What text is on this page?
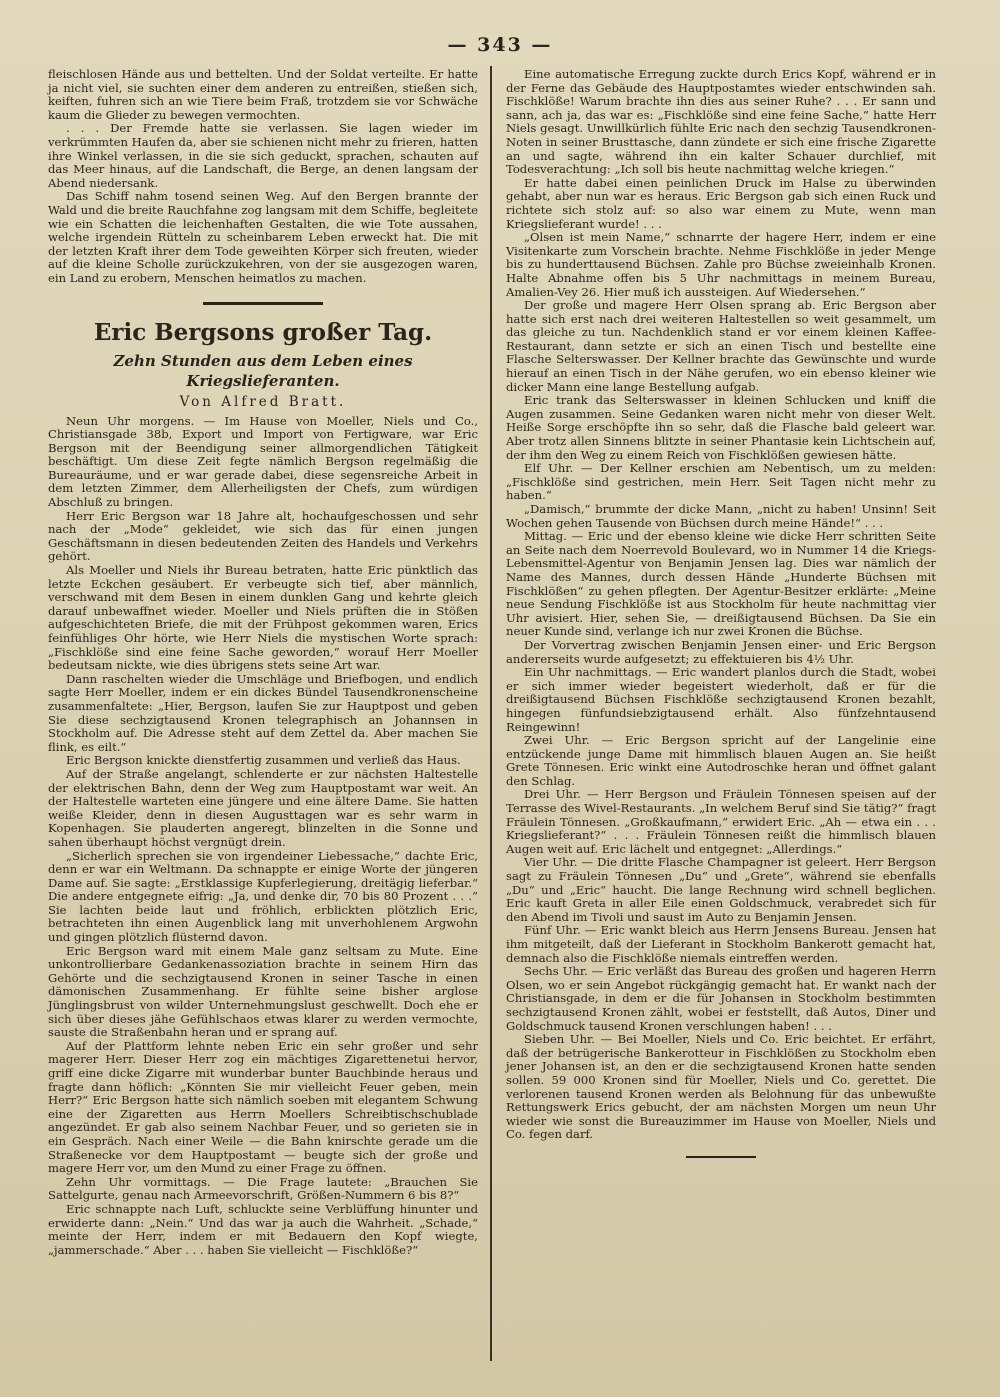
— 343 —

fleischlosen Hände aus und bettelten. Und der Soldat verteilte. Er hatte ja nicht viel, sie suchten einer dem anderen zu entreißen, stießen sich, keiften, fuhren sich an wie Tiere beim Fraß, trotzdem sie vor Schwäche kaum die Glieder zu bewegen vermochten.

. . . Der Fremde hatte sie verlassen. Sie lagen wieder im verkrümmten Haufen da, aber sie schienen nicht mehr zu frieren, hatten ihre Winkel verlassen, in die sie sich geduckt, sprachen, schauten auf das Meer hinaus, auf die Landschaft, die Berge, an denen langsam der Abend niedersank.

Das Schiff nahm tosend seinen Weg. Auf den Bergen brannte der Wald und die breite Rauchfahne zog langsam mit dem Schiffe, begleitete wie ein Schatten die leichenhaften Gestalten, die wie Tote aussahen, welche irgendein Rütteln zu scheinbarem Leben erweckt hat. Die mit der letzten Kraft ihrer dem Tode geweihten Körper sich freuten, wieder auf die kleine Scholle zurückzukehren, von der sie ausgezogen waren, ein Land zu erobern, Menschen heimatlos zu machen.

Eric Bergsons großer Tag.

Zehn Stunden aus dem Leben eines Kriegslieferanten.

Von Alfred Bratt.

Neun Uhr morgens. — Im Hause von Moeller, Niels und Co., Christiansgade 38b, Export und Import von Fertigware, war Eric Bergson mit der Beendigung seiner allmorgendlichen Tätigkeit beschäftigt. Um diese Zeit fegte nämlich Bergson regelmäßig die Bureauräume, und er war gerade dabei, diese segensreiche Arbeit in dem letzten Zimmer, dem Allerheiligsten der Chefs, zum würdigen Abschluß zu bringen.

Herr Eric Bergson war 18 Jahre alt, hochaufgeschossen und sehr nach der „Mode“ gekleidet, wie sich das für einen jungen Geschäftsmann in diesen bedeutenden Zeiten des Handels und Verkehrs gehört.

Als Moeller und Niels ihr Bureau betraten, hatte Eric pünktlich das letzte Eckchen gesäubert. Er verbeugte sich tief, aber männlich, verschwand mit dem Besen in einem dunklen Gang und kehrte gleich darauf unbewaffnet wieder. Moeller und Niels prüften die in Stößen aufgeschichteten Briefe, die mit der Frühpost gekommen waren, Erics feinfühliges Ohr hörte, wie Herr Niels die mystischen Worte sprach: „Fischklöße sind eine feine Sache geworden,“ worauf Herr Moeller bedeutsam nickte, wie dies übrigens stets seine Art war.

Dann raschelten wieder die Umschläge und Briefbogen, und endlich sagte Herr Moeller, indem er ein dickes Bündel Tausendkronenscheine zusammenfaltete: „Hier, Bergson, laufen Sie zur Hauptpost und geben Sie diese sechzigtausend Kronen telegraphisch an Johannsen in Stockholm auf. Die Adresse steht auf dem Zettel da. Aber machen Sie flink, es eilt.“

Eric Bergson knickte dienstfertig zusammen und verließ das Haus.

Auf der Straße angelangt, schlenderte er zur nächsten Haltestelle der elektrischen Bahn, denn der Weg zum Hauptpostamt war weit. An der Haltestelle warteten eine jüngere und eine ältere Dame. Sie hatten weiße Kleider, denn in diesen Augusttagen war es sehr warm in Kopenhagen. Sie plauderten angeregt, blinzelten in die Sonne und sahen überhaupt höchst vergnügt drein.

„Sicherlich sprechen sie von irgendeiner Liebessache,“ dachte Eric, denn er war ein Weltmann. Da schnappte er einige Worte der jüngeren Dame auf. Sie sagte: „Erstklassige Kupferlegierung, dreitägig lieferbar.“ Die andere entgegnete eifrig: „Ja, und denke dir, 70 bis 80 Prozent . . .“ Sie lachten beide laut und fröhlich, erblickten plötzlich Eric, betrachteten ihn einen Augenblick lang mit unverhohlenem Argwohn und gingen plötzlich flüsternd davon.

Eric Bergson ward mit einem Male ganz seltsam zu Mute. Eine unkontrollierbare Gedankenassoziation brachte in seinem Hirn das Gehörte und die sechzigtausend Kronen in seiner Tasche in einen dämonischen Zusammenhang. Er fühlte seine bisher arglose Jünglingsbrust von wilder Unternehmungslust geschwellt. Doch ehe er sich über dieses jähe Gefühlschaos etwas klarer zu werden vermochte, sauste die Straßenbahn heran und er sprang auf.

Auf der Plattform lehnte neben Eric ein sehr großer und sehr magerer Herr. Dieser Herr zog ein mächtiges Zigarettenetui hervor, griff eine dicke Zigarre mit wunderbar bunter Bauchbinde heraus und fragte dann höflich: „Könnten Sie mir vielleicht Feuer geben, mein Herr?“ Eric Bergson hatte sich nämlich soeben mit elegantem Schwung eine der Zigaretten aus Herrn Moellers Schreibtischschublade angezündet. Er gab also seinem Nachbar Feuer, und so gerieten sie in ein Gespräch. Nach einer Weile — die Bahn knirschte gerade um die Straßenecke vor dem Hauptpostamt — beugte sich der große und magere Herr vor, um den Mund zu einer Frage zu öffnen.

Zehn Uhr vormittags. — Die Frage lautete: „Brauchen Sie Sattelgurte, genau nach Armeevorschrift, Größen-Nummern 6 bis 8?“

Eric schnappte nach Luft, schluckte seine Verblüffung hinunter und erwiderte dann: „Nein.“ Und das war ja auch die Wahrheit. „Schade,“ meinte der Herr, indem er mit Bedauern den Kopf wiegte, „jammerschade.“ Aber . . . haben Sie vielleicht — Fischklöße?“

Eine automatische Erregung zuckte durch Erics Kopf, während er in der Ferne das Gebäude des Hauptpostamtes wieder entschwinden sah. Fischklöße! Warum brachte ihn dies aus seiner Ruhe? . . . Er sann und sann, ach ja, das war es: „Fischklöße sind eine feine Sache,“ hatte Herr Niels gesagt. Unwillkürlich fühlte Eric nach den sechzig Tausendkronen-Noten in seiner Brusttasche, dann zündete er sich eine frische Zigarette an und sagte, während ihn ein kalter Schauer durchlief, mit Todesverachtung: „Ich soll bis heute nachmittag welche kriegen.“

Er hatte dabei einen peinlichen Druck im Halse zu überwinden gehabt, aber nun war es heraus. Eric Bergson gab sich einen Ruck und richtete sich stolz auf: so also war einem zu Mute, wenn man Kriegslieferant wurde! . . .

„Olsen ist mein Name,“ schnarrte der hagere Herr, indem er eine Visitenkarte zum Vorschein brachte. Nehme Fischklöße in jeder Menge bis zu hunderttausend Büchsen. Zahle pro Büchse zweieinhalb Kronen. Halte Abnahme offen bis 5 Uhr nachmittags in meinem Bureau, Amalien-Vey 26. Hier muß ich aussteigen. Auf Wiedersehen.“

Der große und magere Herr Olsen sprang ab. Eric Bergson aber hatte sich erst nach drei weiteren Haltestellen so weit gesammelt, um das gleiche zu tun. Nachdenklich stand er vor einem kleinen Kaffee-Restaurant, dann setzte er sich an einen Tisch und bestellte eine Flasche Selterswasser. Der Kellner brachte das Gewünschte und wurde hierauf an einen Tisch in der Nähe gerufen, wo ein ebenso kleiner wie dicker Mann eine lange Bestellung aufgab.

Eric trank das Selterswasser in kleinen Schlucken und kniff die Augen zusammen. Seine Gedanken waren nicht mehr von dieser Welt. Heiße Sorge erschöpfte ihn so sehr, daß die Flasche bald geleert war. Aber trotz allen Sinnens blitzte in seiner Phantasie kein Lichtschein auf, der ihm den Weg zu einem Reich von Fischklößen gewiesen hätte.

Elf Uhr. — Der Kellner erschien am Nebentisch, um zu melden: „Fischklöße sind gestrichen, mein Herr. Seit Tagen nicht mehr zu haben.“

„Damisch,“ brummte der dicke Mann, „nicht zu haben! Unsinn! Seit Wochen gehen Tausende von Büchsen durch meine Hände!“ . . .

Mittag. — Eric und der ebenso kleine wie dicke Herr schritten Seite an Seite nach dem Noerrevold Boulevard, wo in Nummer 14 die Kriegs-Lebensmittel-Agentur von Benjamin Jensen lag. Dies war nämlich der Name des Mannes, durch dessen Hände „Hunderte Büchsen mit Fischklößen“ zu gehen pflegten. Der Agentur-Besitzer erklärte: „Meine neue Sendung Fischklöße ist aus Stockholm für heute nachmittag vier Uhr avisiert. Hier, sehen Sie, — dreißigtausend Büchsen. Da Sie ein neuer Kunde sind, verlange ich nur zwei Kronen die Büchse.

Der Vorvertrag zwischen Benjamin Jensen einer- und Eric Bergson andererseits wurde aufgesetzt; zu effektuieren bis 4½ Uhr.

Ein Uhr nachmittags. — Eric wandert planlos durch die Stadt, wobei er sich immer wieder begeistert wiederholt, daß er für die dreißigtausend Büchsen Fischklöße sechzigtausend Kronen bezahlt, hingegen fünfundsiebzigtausend erhält. Also fünfzehntausend Reingewinn!

Zwei Uhr. — Eric Bergson spricht auf der Langelinie eine entzückende junge Dame mit himmlisch blauen Augen an. Sie heißt Grete Tönnesen. Eric winkt eine Autodroschke heran und öffnet galant den Schlag.

Drei Uhr. — Herr Bergson und Fräulein Tönnesen speisen auf der Terrasse des Wivel-Restaurants. „In welchem Beruf sind Sie tätig?“ fragt Fräulein Tönnesen. „Großkaufmann,“ erwidert Eric. „Ah — etwa ein . . . Kriegslieferant?“ . . . Fräulein Tönnesen reißt die himmlisch blauen Augen weit auf. Eric lächelt und entgegnet: „Allerdings.“

Vier Uhr. — Die dritte Flasche Champagner ist geleert. Herr Bergson sagt zu Fräulein Tönnesen „Du“ und „Grete“, während sie ebenfalls „Du“ und „Eric“ haucht. Die lange Rechnung wird schnell beglichen. Eric kauft Greta in aller Eile einen Goldschmuck, verabredet sich für den Abend im Tivoli und saust im Auto zu Benjamin Jensen.

Fünf Uhr. — Eric wankt bleich aus Herrn Jensens Bureau. Jensen hat ihm mitgeteilt, daß der Lieferant in Stockholm Bankerott gemacht hat, demnach also die Fischklöße niemals eintreffen werden.

Sechs Uhr. — Eric verläßt das Bureau des großen und hageren Herrn Olsen, wo er sein Angebot rückgängig gemacht hat. Er wankt nach der Christiansgade, in dem er die für Johansen in Stockholm bestimmten sechzigtausend Kronen zählt, wobei er feststellt, daß Autos, Diner und Goldschmuck tausend Kronen verschlungen haben! . . .

Sieben Uhr. — Bei Moeller, Niels und Co. Eric beichtet. Er erfährt, daß der betrügerische Bankerotteur in Fischklößen zu Stockholm eben jener Johansen ist, an den er die sechzigtausend Kronen hatte senden sollen. 59 000 Kronen sind für Moeller, Niels und Co. gerettet. Die verlorenen tausend Kronen werden als Belohnung für das unbewußte Rettungswerk Erics gebucht, der am nächsten Morgen um neun Uhr wieder wie sonst die Bureauzimmer im Hause von Moeller, Niels und Co. fegen darf.
